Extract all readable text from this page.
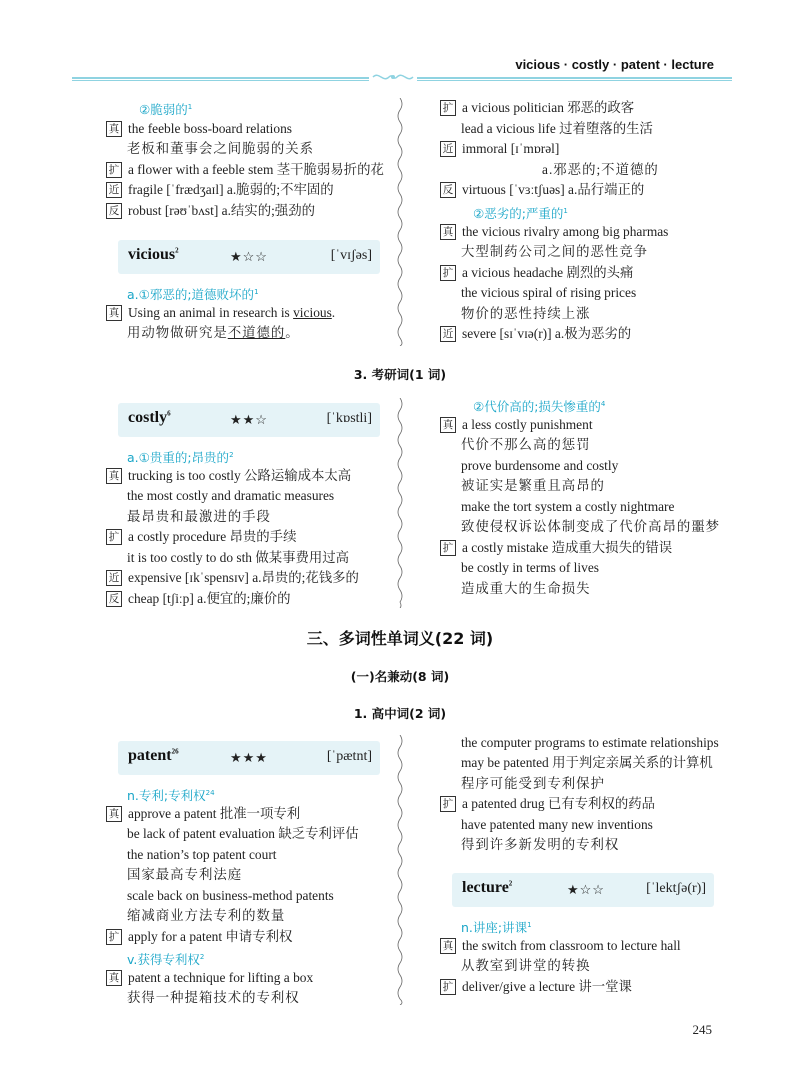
vicious · costly · patent · lecture
②脆弱的$^1$
真 the feeble boss-board relations
老板和董事会之间脆弱的关系
扩 a flower with a feeble stem 茎干脆弱易折的花
近 fragile [ˈfrædʒaɪl] a.脆弱的;不牢固的
反 robust [rəʊˈbʌst] a.结实的;强劲的
vicious$^2$	★☆☆	[ˈvɪʃəs]
a.①邪恶的;道德败坏的$^1$
真 Using an animal in research is vicious.
用动物做研究是不道德的。
扩 a vicious politician 邪恶的政客
lead a vicious life 过着堕落的生活
近 immoral [ɪˈmɒrəl]
a.邪恶的;不道德的
反 virtuous [ˈvɜːtʃuəs] a.品行端正的
②恶劣的;严重的$^1$
真 the vicious rivalry among big pharmas
大型制药公司之间的恶性竞争
扩 a vicious headache 剧烈的头痛
the vicious spiral of rising prices
物价的恶性持续上涨
近 severe [sɪˈvɪə(r)] a.极为恶劣的
3. 考研词(1 词)
costly$^6$	★★☆	[ˈkɒstli]
a.①贵重的;昂贵的$^2$
真 trucking is too costly 公路运输成本太高
the most costly and dramatic measures
最昂贵和最激进的手段
扩 a costly procedure 昂贵的手续
it is too costly to do sth 做某事费用过高
近 expensive [ɪkˈspensɪv] a.昂贵的;花钱多的
反 cheap [tʃiːp] a.便宜的;廉价的
②代价高的;损失惨重的$^4$
真 a less costly punishment
代价不那么高的惩罚
prove burdensome and costly
被证实是繁重且高昂的
make the tort system a costly nightmare
致使侵权诉讼体制变成了代价高昂的噩梦
扩 a costly mistake 造成重大损失的错误
be costly in terms of lives
造成重大的生命损失
三、多词性单词义(22 词)
(一)名兼动(8 词)
1. 高中词(2 词)
patent$^{26}$	★★★	[ˈpætnt]
n.专利;专利权$^{24}$
真 approve a patent 批准一项专利
be lack of patent evaluation 缺乏专利评估
the nation’s top patent court
国家最高专利法庭
scale back on business-method patents
缩减商业方法专利的数量
扩 apply for a patent 申请专利权
v.获得专利权$^2$
真 patent a technique for lifting a box
获得一种提箱技术的专利权
the computer programs to estimate relationships
may be patented 用于判定亲属关系的计算机
程序可能受到专利保护
扩 a patented drug 已有专利权的药品
have patented many new inventions
得到许多新发明的专利权
lecture$^2$	★☆☆	[ˈlektʃə(r)]
n.讲座;讲课$^1$
真 the switch from classroom to lecture hall
从教室到讲堂的转换
扩 deliver/give a lecture 讲一堂课
245
